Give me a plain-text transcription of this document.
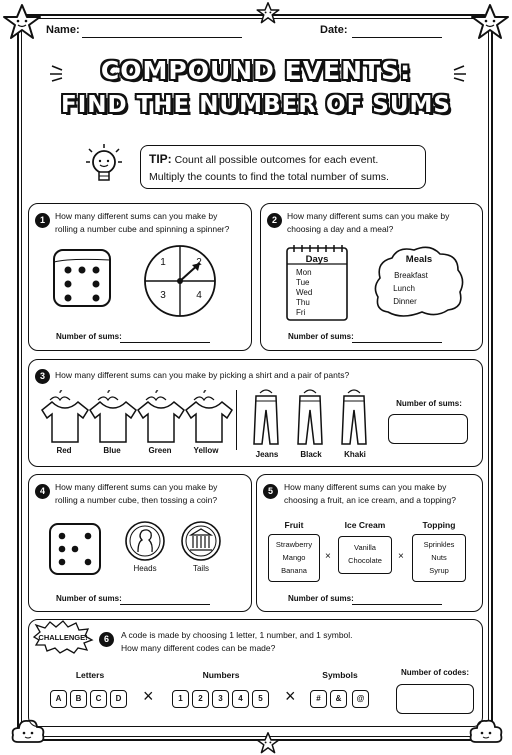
Name:	Date:
COMPOUND EVENTS:
FIND THE NUMBER OF SUMS
TIP: Count all possible outcomes for each event.
Multiply the counts to find the total number of sums.
1	How many different sums can you make by
rolling a number cube and spinning a spinner?
1	2
3	4
Number of sums:
2	How many different sums can you make by
choosing a day and a meal?
Days
Mon
Tue
Wed
Thu
Fri
Meals
Breakfast
Lunch
Dinner
Number of sums:
3	How many different sums can you make by picking a shirt and a pair of pants?
Red	Blue	Green	Yellow	Jeans	Black	Khaki
Number of sums:
4	How many different sums can you make by
rolling a number cube, then tossing a coin?
Heads	Tails
Number of sums:
5	How many different sums can you make by
choosing a fruit, an ice cream, and a topping?
Fruit	Ice Cream	Topping
Strawberry
Mango
Banana
×
Vanilla
Chocolate	×
Sprinkles
Nuts
Syrup
Number of sums:
CHALLENGE!	6	A code is made by choosing 1 letter, 1 number, and 1 symbol.
How many different codes can be made?
Letters
A	B	C	D	×
Numbers
1	2	3	4	5	×
Symbols
#	&	@
Number of codes:
